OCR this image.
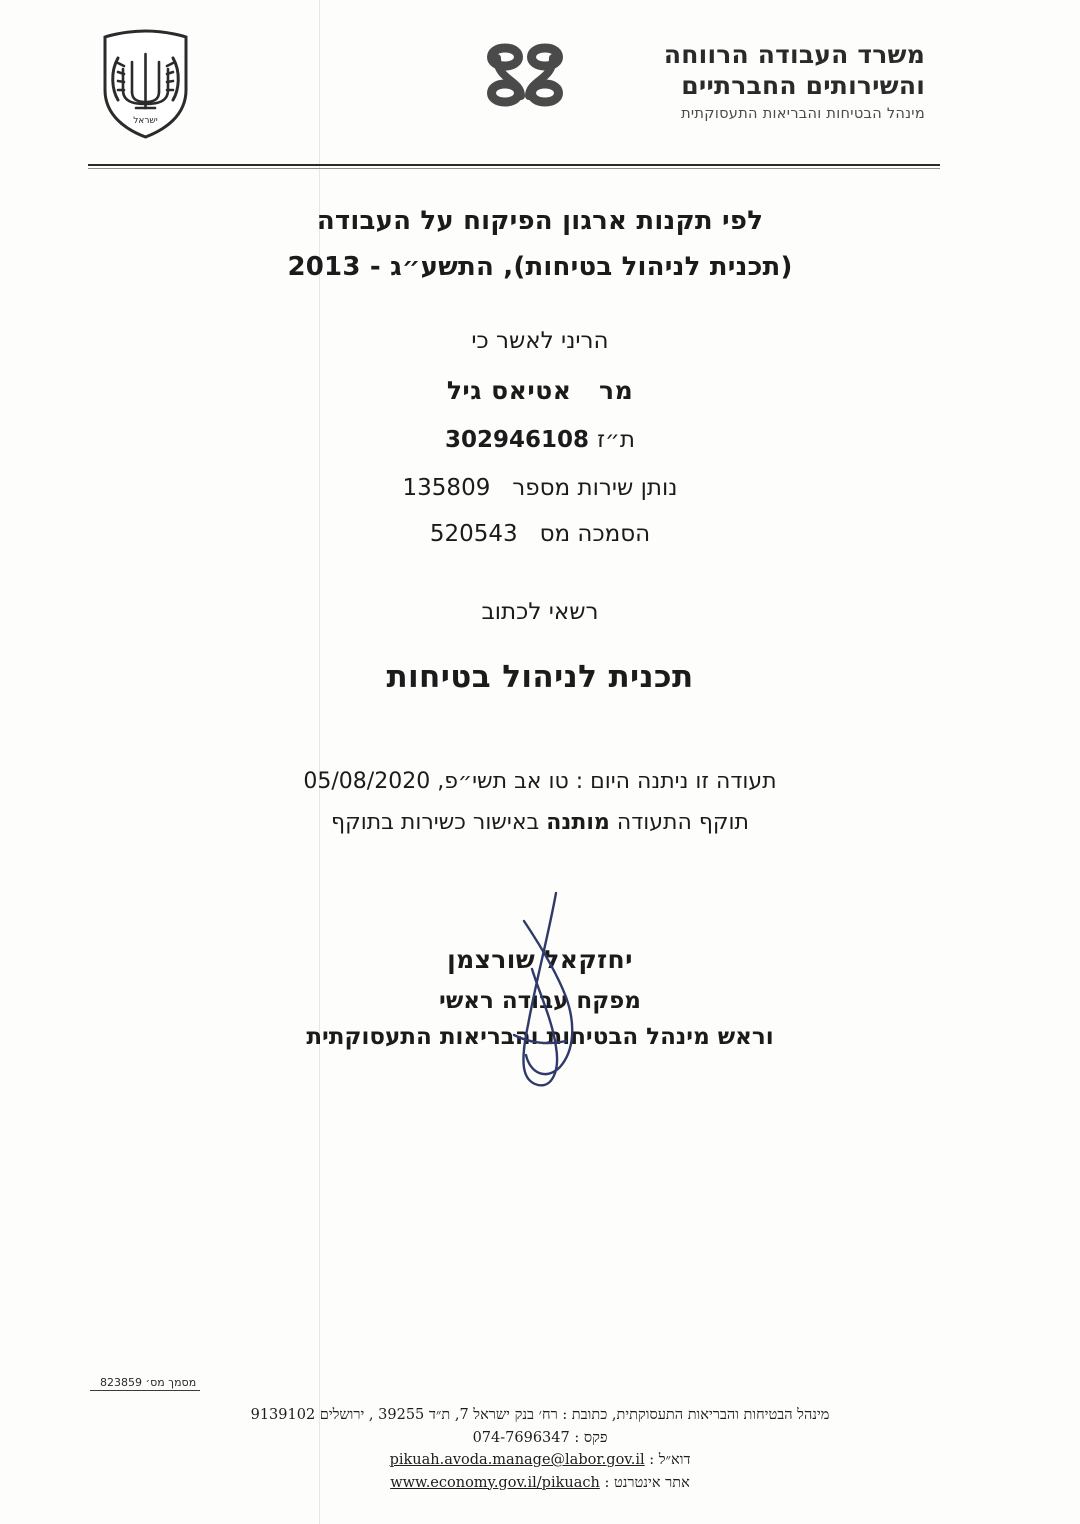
משרד העבודה הרווחה
והשירותים החברתיים
מינהל הבטיחות והבריאות התעסוקתית
ישראל

לפי תקנות ארגון הפיקוח על העבודה

(תכנית לניהול בטיחות), התשע״ג - 2013

הריני לאשר כי

מר   אטיאס גיל

ת״ז 302946108

נותן שירות מספר   135809

הסמכה מס   520543

רשאי לכתוב

תכנית לניהול בטיחות

תעודה זו ניתנה היום : טו אב תשי״פ, 05/08/2020

תוקף התעודה מותנה באישור כשירות בתוקף

יחזקאל שורצמן

מפקח עבודה ראשי

וראש מינהל הבטיחות והבריאות התעסוקתית

מסמך מס׳ 823859
מינהל הבטיחות והבריאות התעסוקתית, כתובת : רח׳ בנק ישראל 7, ת״ד 39255 , ירושלים 9139102
פקס : 074-7696347
דוא״ל : pikuah.avoda.manage@labor.gov.il
אתר אינטרנט : www.economy.gov.il/pikuach
